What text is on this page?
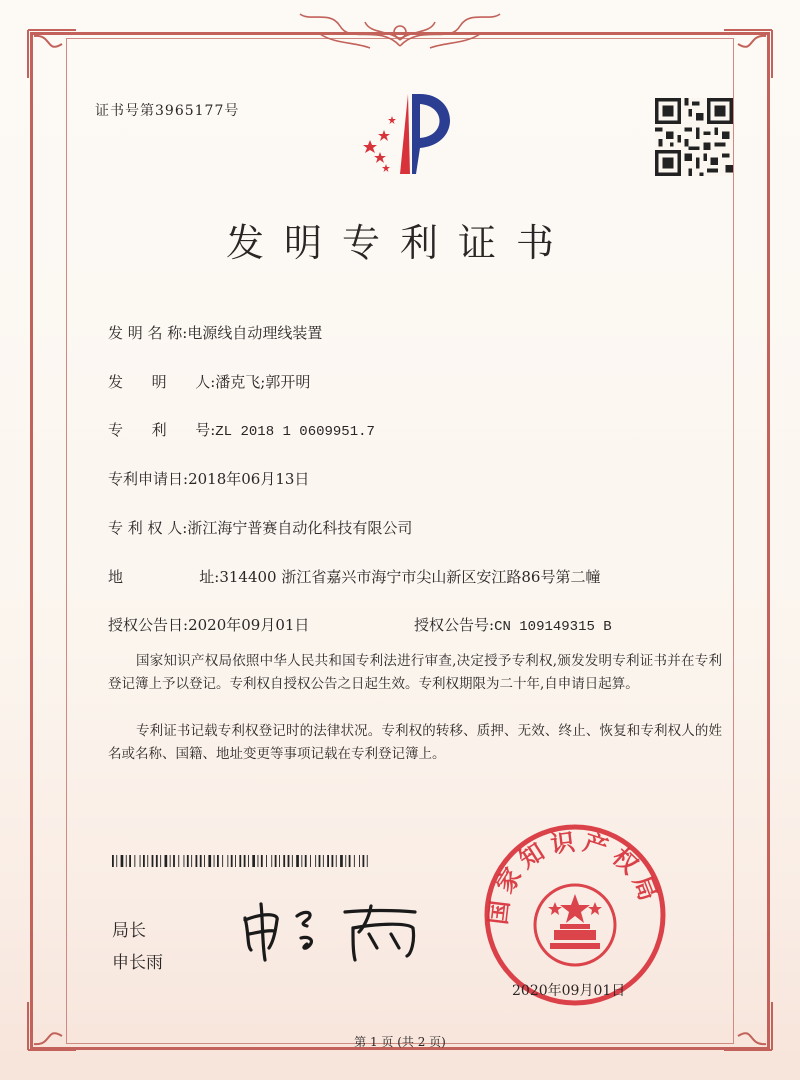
证书号第3965177号
发明专利证书
发 明 名 称:电源线自动理线装置
发      明      人:潘克飞;郭开明
专      利      号:ZL 2018 1 0609951.7
专利申请日:2018年06月13日
专 利 权 人:浙江海宁普赛自动化科技有限公司
地                址:314400 浙江省嘉兴市海宁市尖山新区安江路86号第二幢
授权公告日:2020年09月01日	授权公告号:CN 109149315 B
国家知识产权局依照中华人民共和国专利法进行审查,决定授予专利权,颁发发明专利证书并在专利登记簿上予以登记。专利权自授权公告之日起生效。专利权期限为二十年,自申请日起算。
专利证书记载专利权登记时的法律状况。专利权的转移、质押、无效、终止、恢复和专利权人的姓名或名称、国籍、地址变更等事项记载在专利登记簿上。
局长
申长雨
国家知识产权局
2020年09月01日
第 1 页 (共 2 页)
